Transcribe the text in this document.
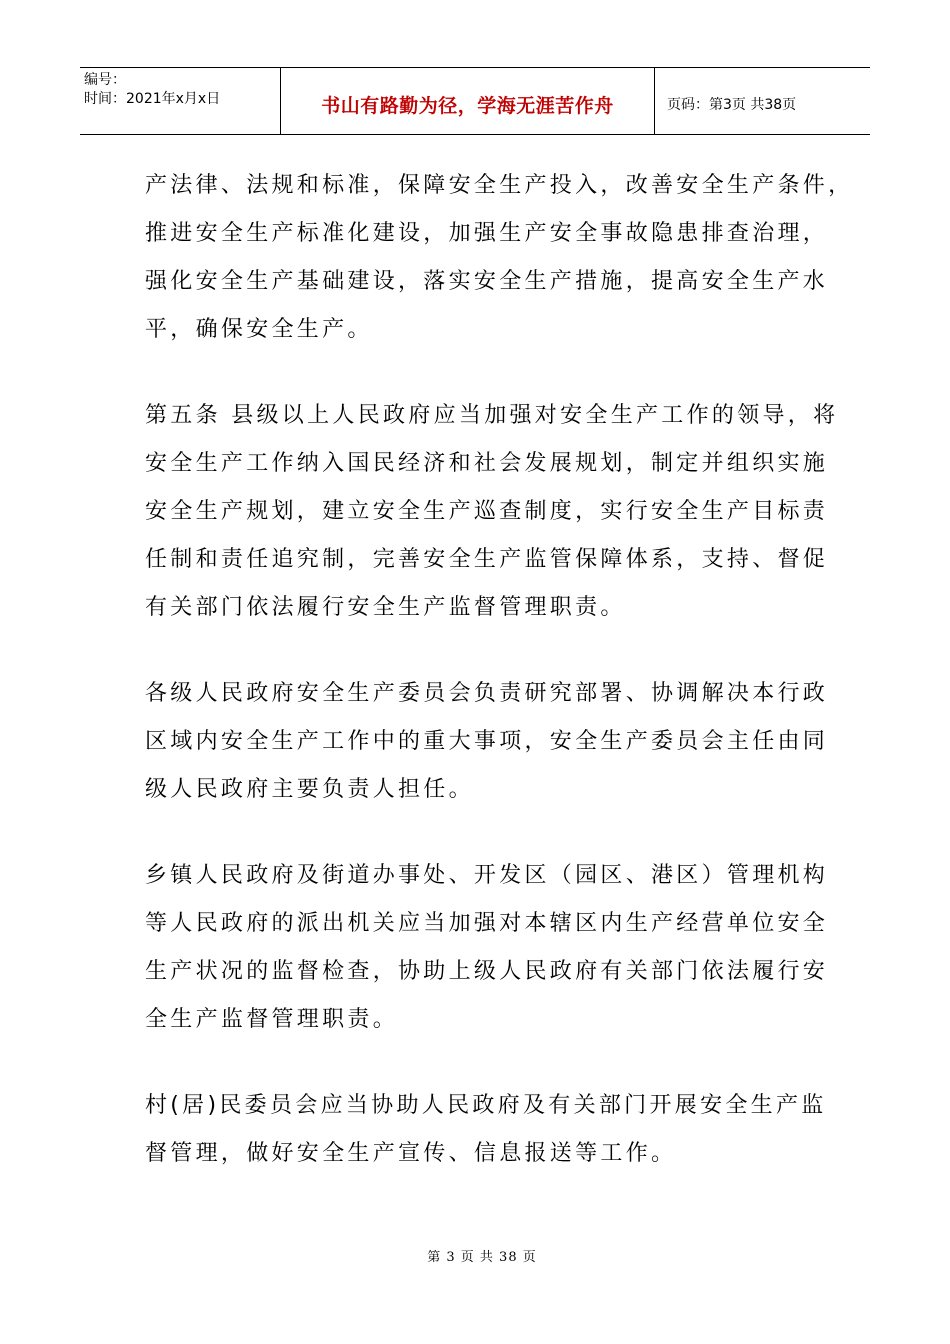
编号：
时间：2021年x月x日	书山有路勤为径，学海无涯苦作舟	页码：第3页 共38页
产法律、法规和标准，保障安全生产投入，改善安全生产条件，
推进安全生产标准化建设，加强生产安全事故隐患排查治理，
强化安全生产基础建设，落实安全生产措施，提高安全生产水
平，确保安全生产。
第五条 县级以上人民政府应当加强对安全生产工作的领导，将
安全生产工作纳入国民经济和社会发展规划，制定并组织实施
安全生产规划，建立安全生产巡查制度，实行安全生产目标责
任制和责任追究制，完善安全生产监管保障体系，支持、督促
有关部门依法履行安全生产监督管理职责。
各级人民政府安全生产委员会负责研究部署、协调解决本行政
区域内安全生产工作中的重大事项，安全生产委员会主任由同
级人民政府主要负责人担任。
乡镇人民政府及街道办事处、开发区（园区、港区）管理机构
等人民政府的派出机关应当加强对本辖区内生产经营单位安全
生产状况的监督检查，协助上级人民政府有关部门依法履行安
全生产监督管理职责。
村(居)民委员会应当协助人民政府及有关部门开展安全生产监
督管理，做好安全生产宣传、信息报送等工作。
第 3 页 共 38 页
